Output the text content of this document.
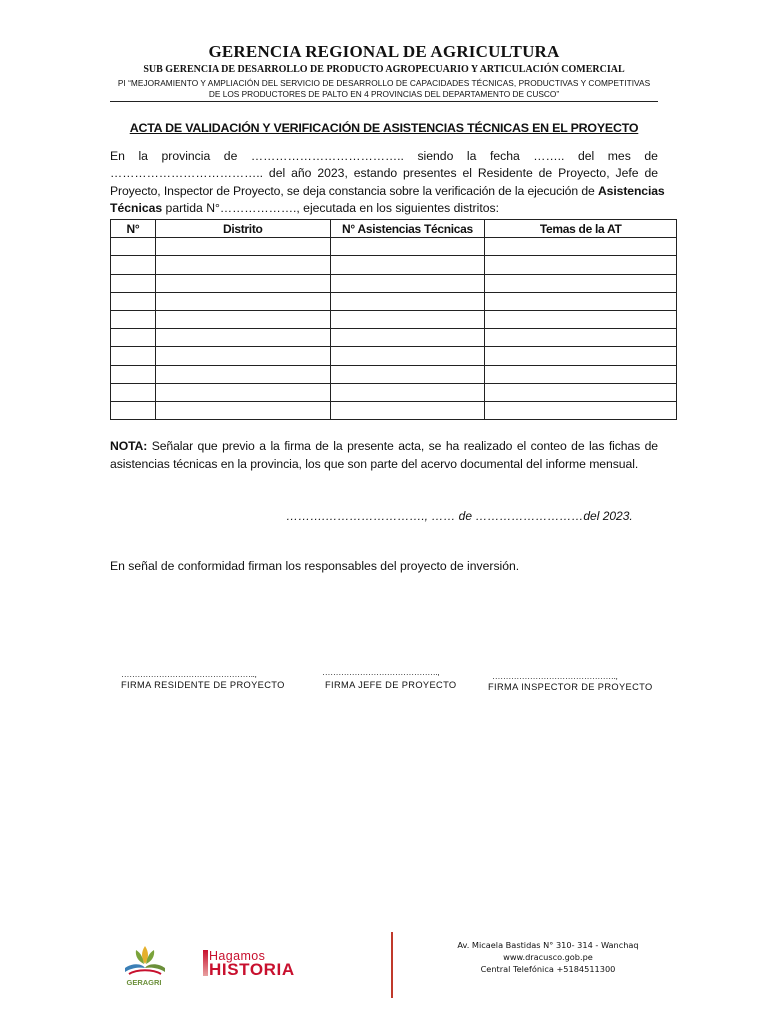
GERENCIA REGIONAL DE AGRICULTURA
SUB GERENCIA DE DESARROLLO DE PRODUCTO AGROPECUARIO Y ARTICULACIÓN COMERCIAL
PI “MEJORAMIENTO Y AMPLIACIÓN DEL SERVICIO DE DESARROLLO DE CAPACIDADES TÉCNICAS, PRODUCTIVAS Y COMPETITIVAS
DE LOS PRODUCTORES DE PALTO EN 4 PROVINCIAS DEL DEPARTAMENTO DE CUSCO”
ACTA DE VALIDACIÓN Y VERIFICACIÓN DE ASISTENCIAS TÉCNICAS EN EL PROYECTO
En la provincia de ……………………………….. siendo la fecha …….. del mes de
……………………………….. del año 2023, estando presentes el Residente de Proyecto, Jefe de
Proyecto, Inspector de Proyecto, se deja constancia sobre la verificación de la ejecución de Asistencias
Técnicas partida N°………………., ejecutada en los siguientes distritos:
N°	Distrito	N° Asistencias Técnicas	Temas de la AT

NOTA: Señalar que previo a la firma de la presente acta, se ha realizado el conteo de las fichas de
asistencias técnicas en la provincia, los que son parte del acervo documental del informe mensual.
……….……………………., …… de ………………………del 2023.
En señal de conformidad firman los responsables del proyecto de inversión.
…………………………………………..,
FIRMA RESIDENTE DE PROYECTO
…………………………………….,
FIRMA JEFE DE PROYECTO
……………………………………….,
FIRMA INSPECTOR DE PROYECTO
GERAGRI
Hagamos
HISTORIA
Av. Micaela Bastidas N° 310- 314 - Wanchaq
www.dracusco.gob.pe
Central Telefónica +5184511300
